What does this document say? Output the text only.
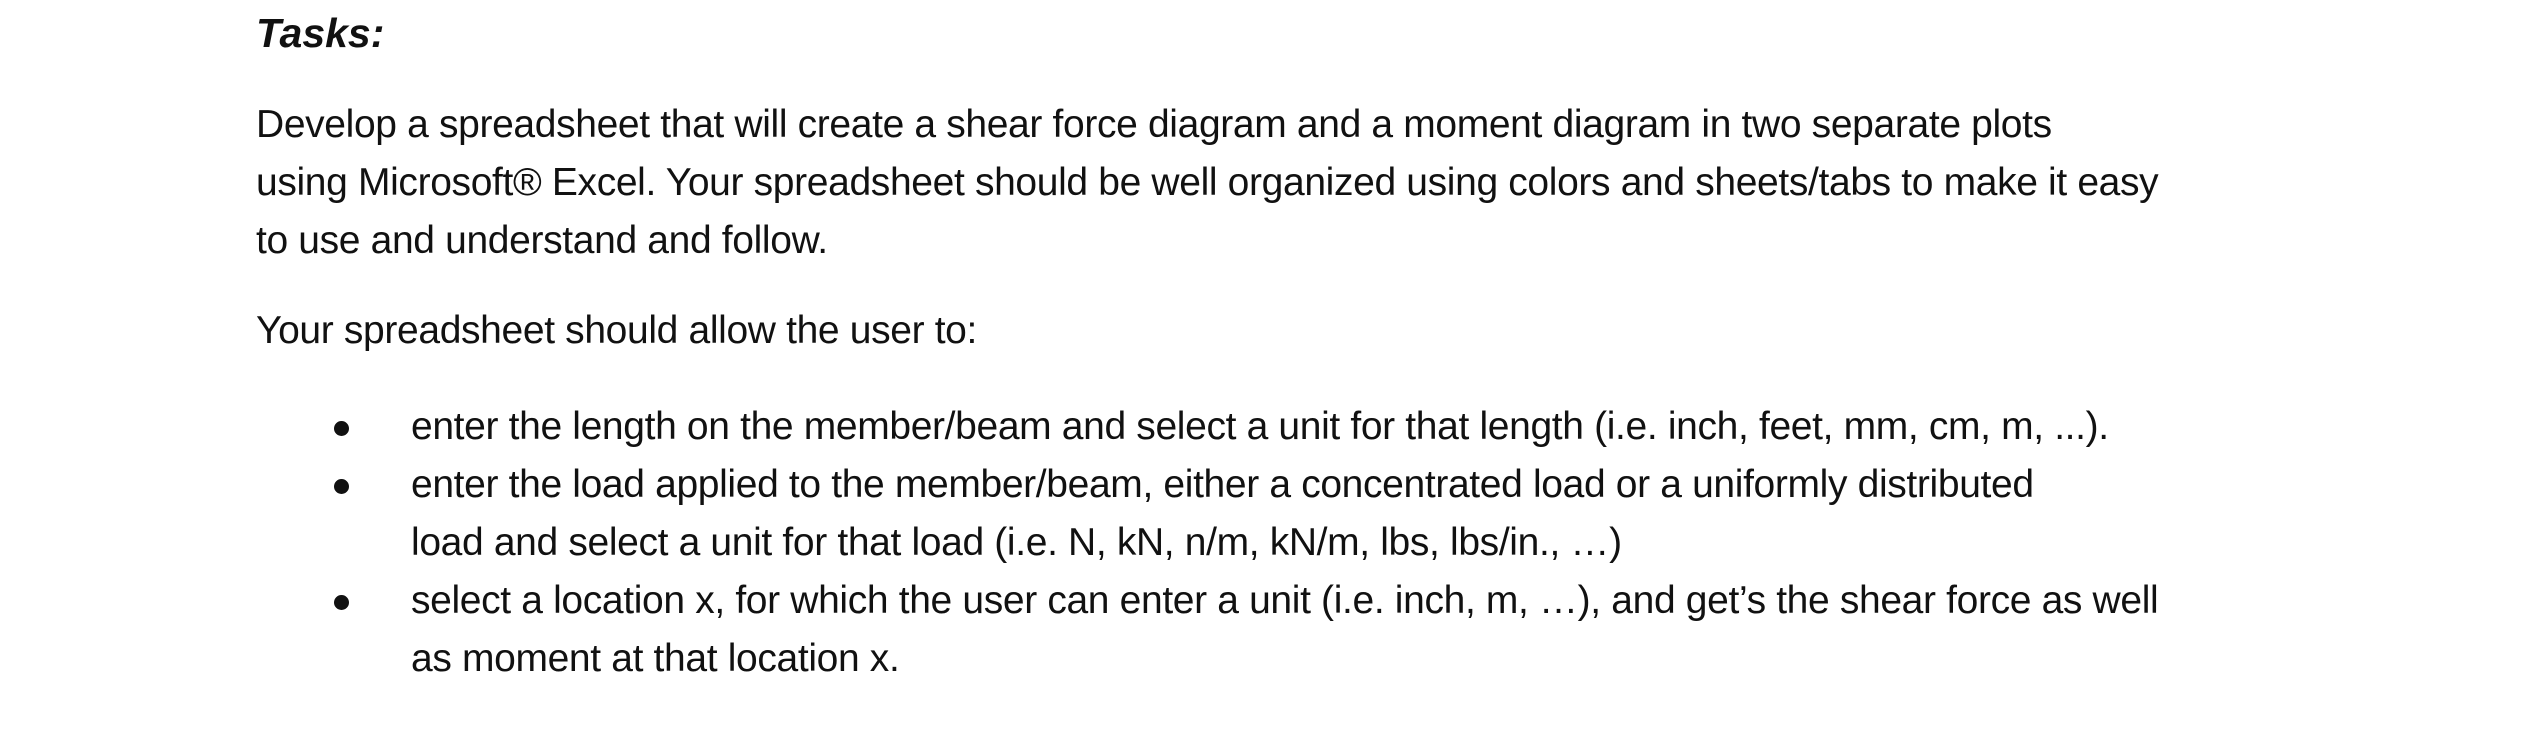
Tasks:

Develop a spreadsheet that will create a shear force diagram and a moment diagram in two separate plots
using Microsoft® Excel. Your spreadsheet should be well organized using colors and sheets/tabs to make it easy
to use and understand and follow.

Your spreadsheet should allow the user to:

enter the length on the member/beam and select a unit for that length (i.e. inch, feet, mm, cm, m, ...).
enter the load applied to the member/beam, either a concentrated load or a uniformly distributed
load and select a unit for that load (i.e. N, kN, n/m, kN/m, lbs, lbs/in., …)
select a location x, for which the user can enter a unit (i.e. inch, m, …), and get’s the shear force as well
as moment at that location x.
